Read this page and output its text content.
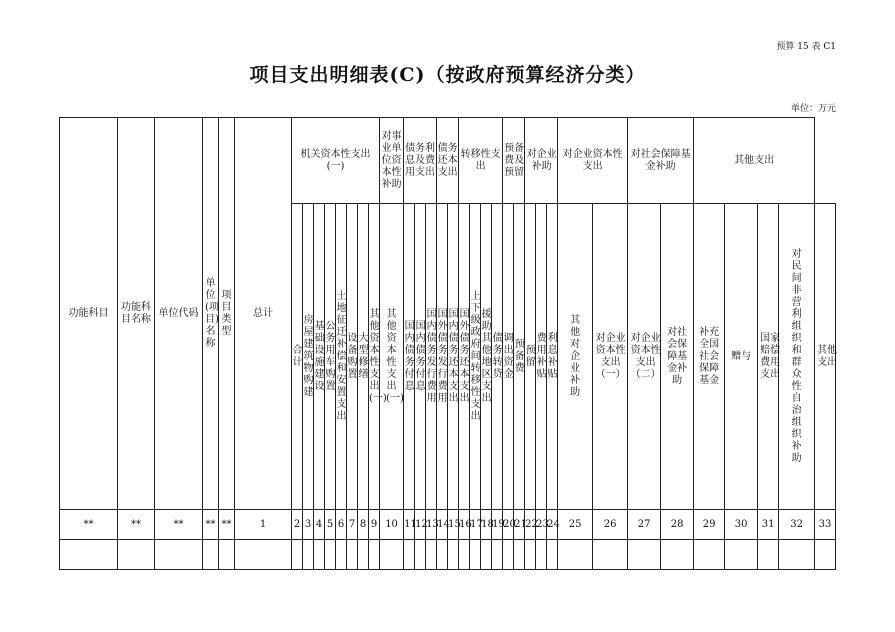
预算 15 表 C1
项目支出明细表(C)（按政府预算经济分类）
单位：万元
功能科目	功能科目名称	单位代码	单位(项目)名称	项目类型	总计	机关资本性支出(一)								对事业单位资本性补助	债务利息及费用支出			债务还本支出		转移性支出				预备费及预留		对企业补助			对企业资本性支出		对社会保障基金补助		其他支出				
						合计	房屋建筑物购建	基础设施建设	公务用车购置	土地征迁补偿和安置支出	设备购置	大型修缮	其他资本性支出(一)	其他资本性支出(一)	国内债务付息	国内债务付息	国内债务发行费用	国外债务发行费用	国内债务还本支出	国外债务还本支出	上下级政府间转移性支出	援助其他地区支出	债务转贷	调出资金	预备费	预留	费用补贴	利息补贴	其他对企业补助	对企业资本性支出（一）	对企业资本性支出（二）	对社会保障基金补助	补充全国社会保障基金	赠与	国家赔偿费用支出	对民间非营利组织和群众性自治组织补助	其他支出
**	**	**	**	**	1	2	3	4	5	6	7	8	9	10	11	12	13	14	15	16	17	18	19	20	21	22	23	24	25	26	27	28	29	30	31	32	33
